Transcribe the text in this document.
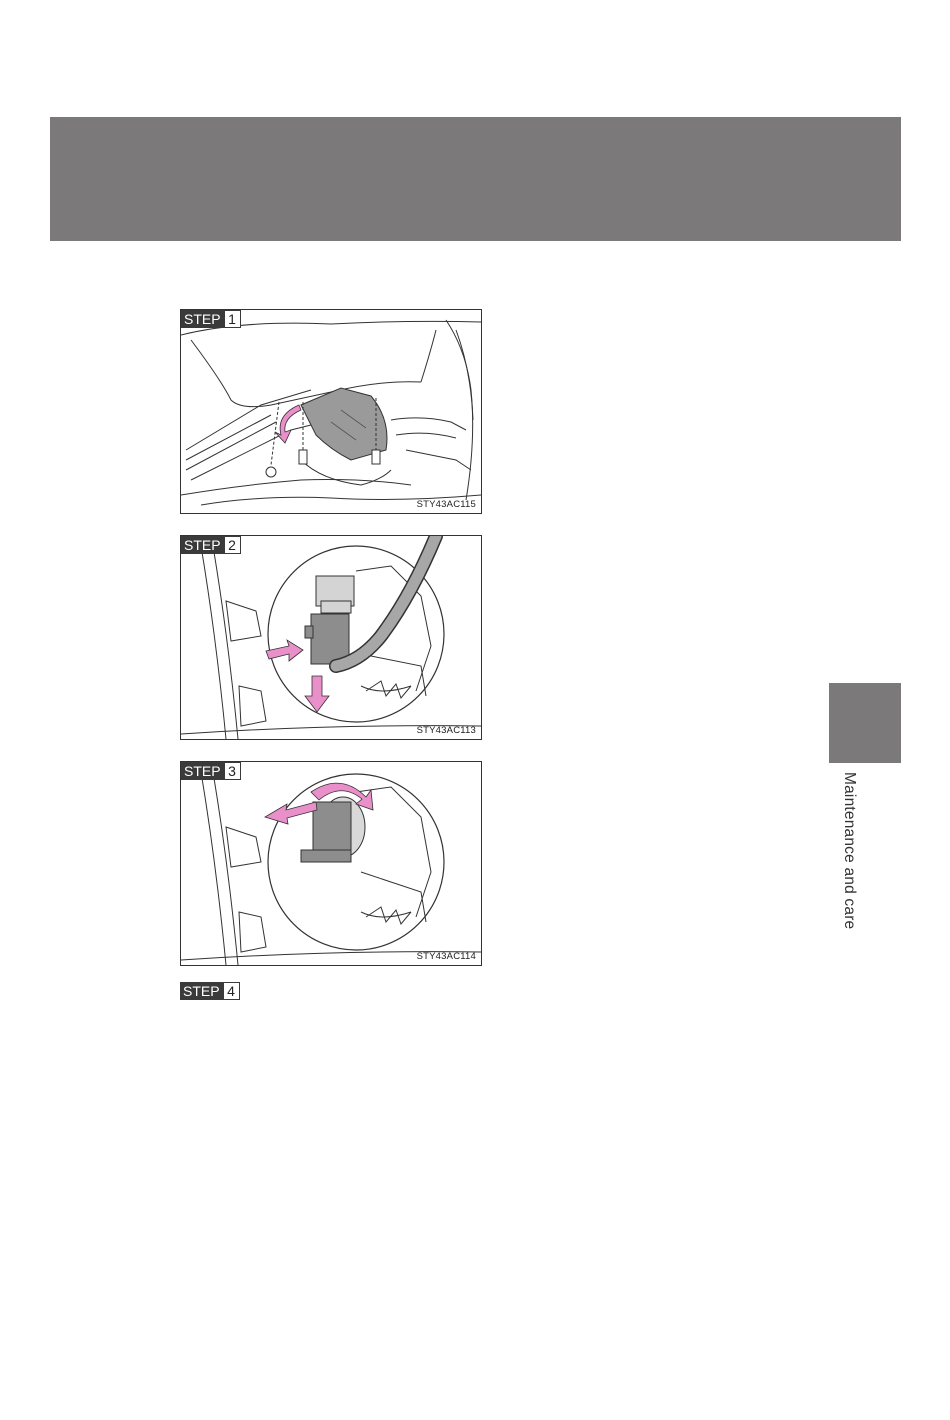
Maintenance and care
STEP 1
STY43AC115
STEP 2
STY43AC113
STEP 3
STY43AC114
STEP 4
